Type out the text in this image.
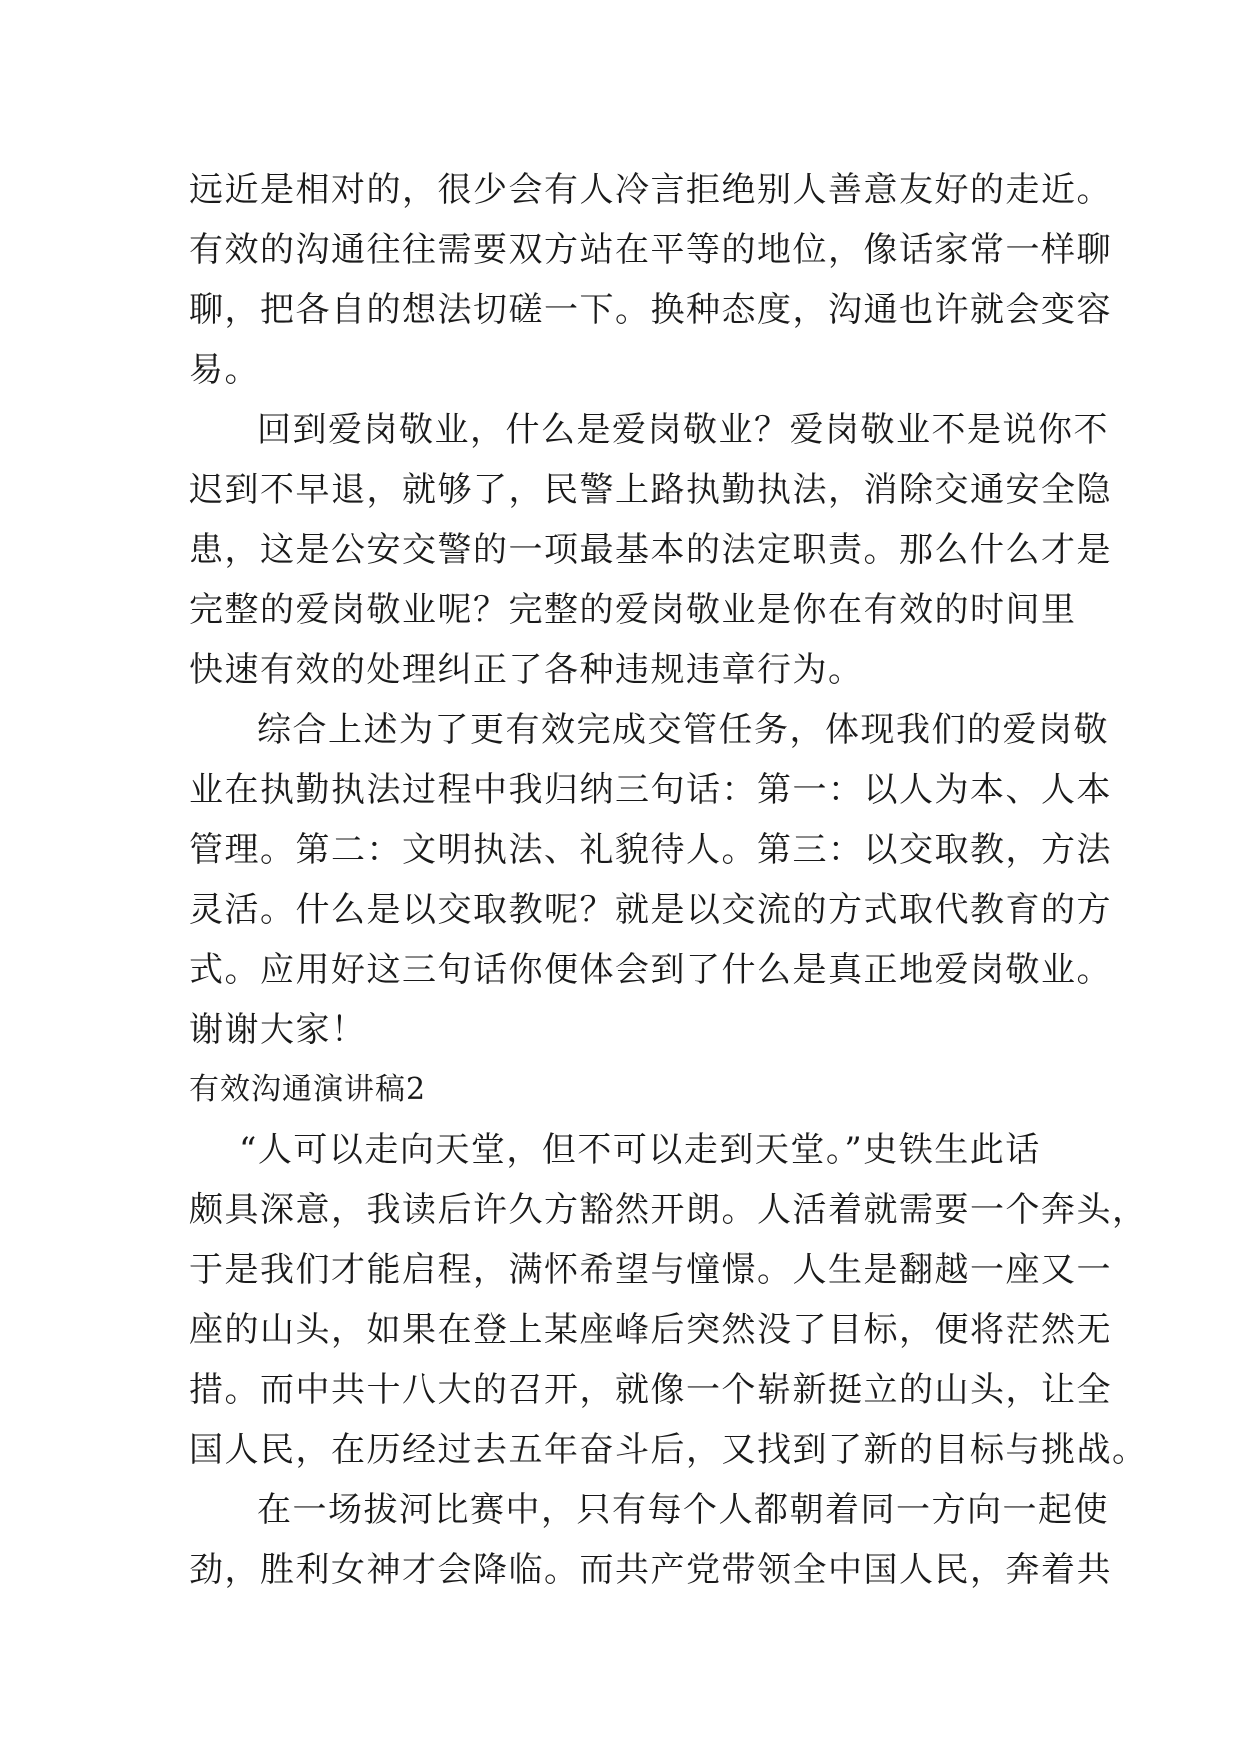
远近是相对的，很少会有人冷言拒绝别人善意友好的走近。
有效的沟通往往需要双方站在平等的地位，像话家常一样聊
聊，把各自的想法切磋一下。换种态度，沟通也许就会变容
易。
回到爱岗敬业，什么是爱岗敬业？爱岗敬业不是说你不
迟到不早退，就够了，民警上路执勤执法，消除交通安全隐
患，这是公安交警的一项最基本的法定职责。那么什么才是
完整的爱岗敬业呢？完整的爱岗敬业是你在有效的时间里
快速有效的处理纠正了各种违规违章行为。
综合上述为了更有效完成交管任务，体现我们的爱岗敬
业在执勤执法过程中我归纳三句话：第一：以人为本、人本
管理。第二：文明执法、礼貌待人。第三：以交取教，方法
灵活。什么是以交取教呢？就是以交流的方式取代教育的方
式。应用好这三句话你便体会到了什么是真正地爱岗敬业。
谢谢大家！
有效沟通演讲稿2
“人可以走向天堂，但不可以走到天堂。”史铁生此话
颇具深意，我读后许久方豁然开朗。人活着就需要一个奔头，
于是我们才能启程，满怀希望与憧憬。人生是翻越一座又一
座的山头，如果在登上某座峰后突然没了目标，便将茫然无
措。而中共十八大的召开，就像一个崭新挺立的山头，让全
国人民，在历经过去五年奋斗后，又找到了新的目标与挑战。
在一场拔河比赛中，只有每个人都朝着同一方向一起使
劲，胜利女神才会降临。而共产党带领全中国人民，奔着共
